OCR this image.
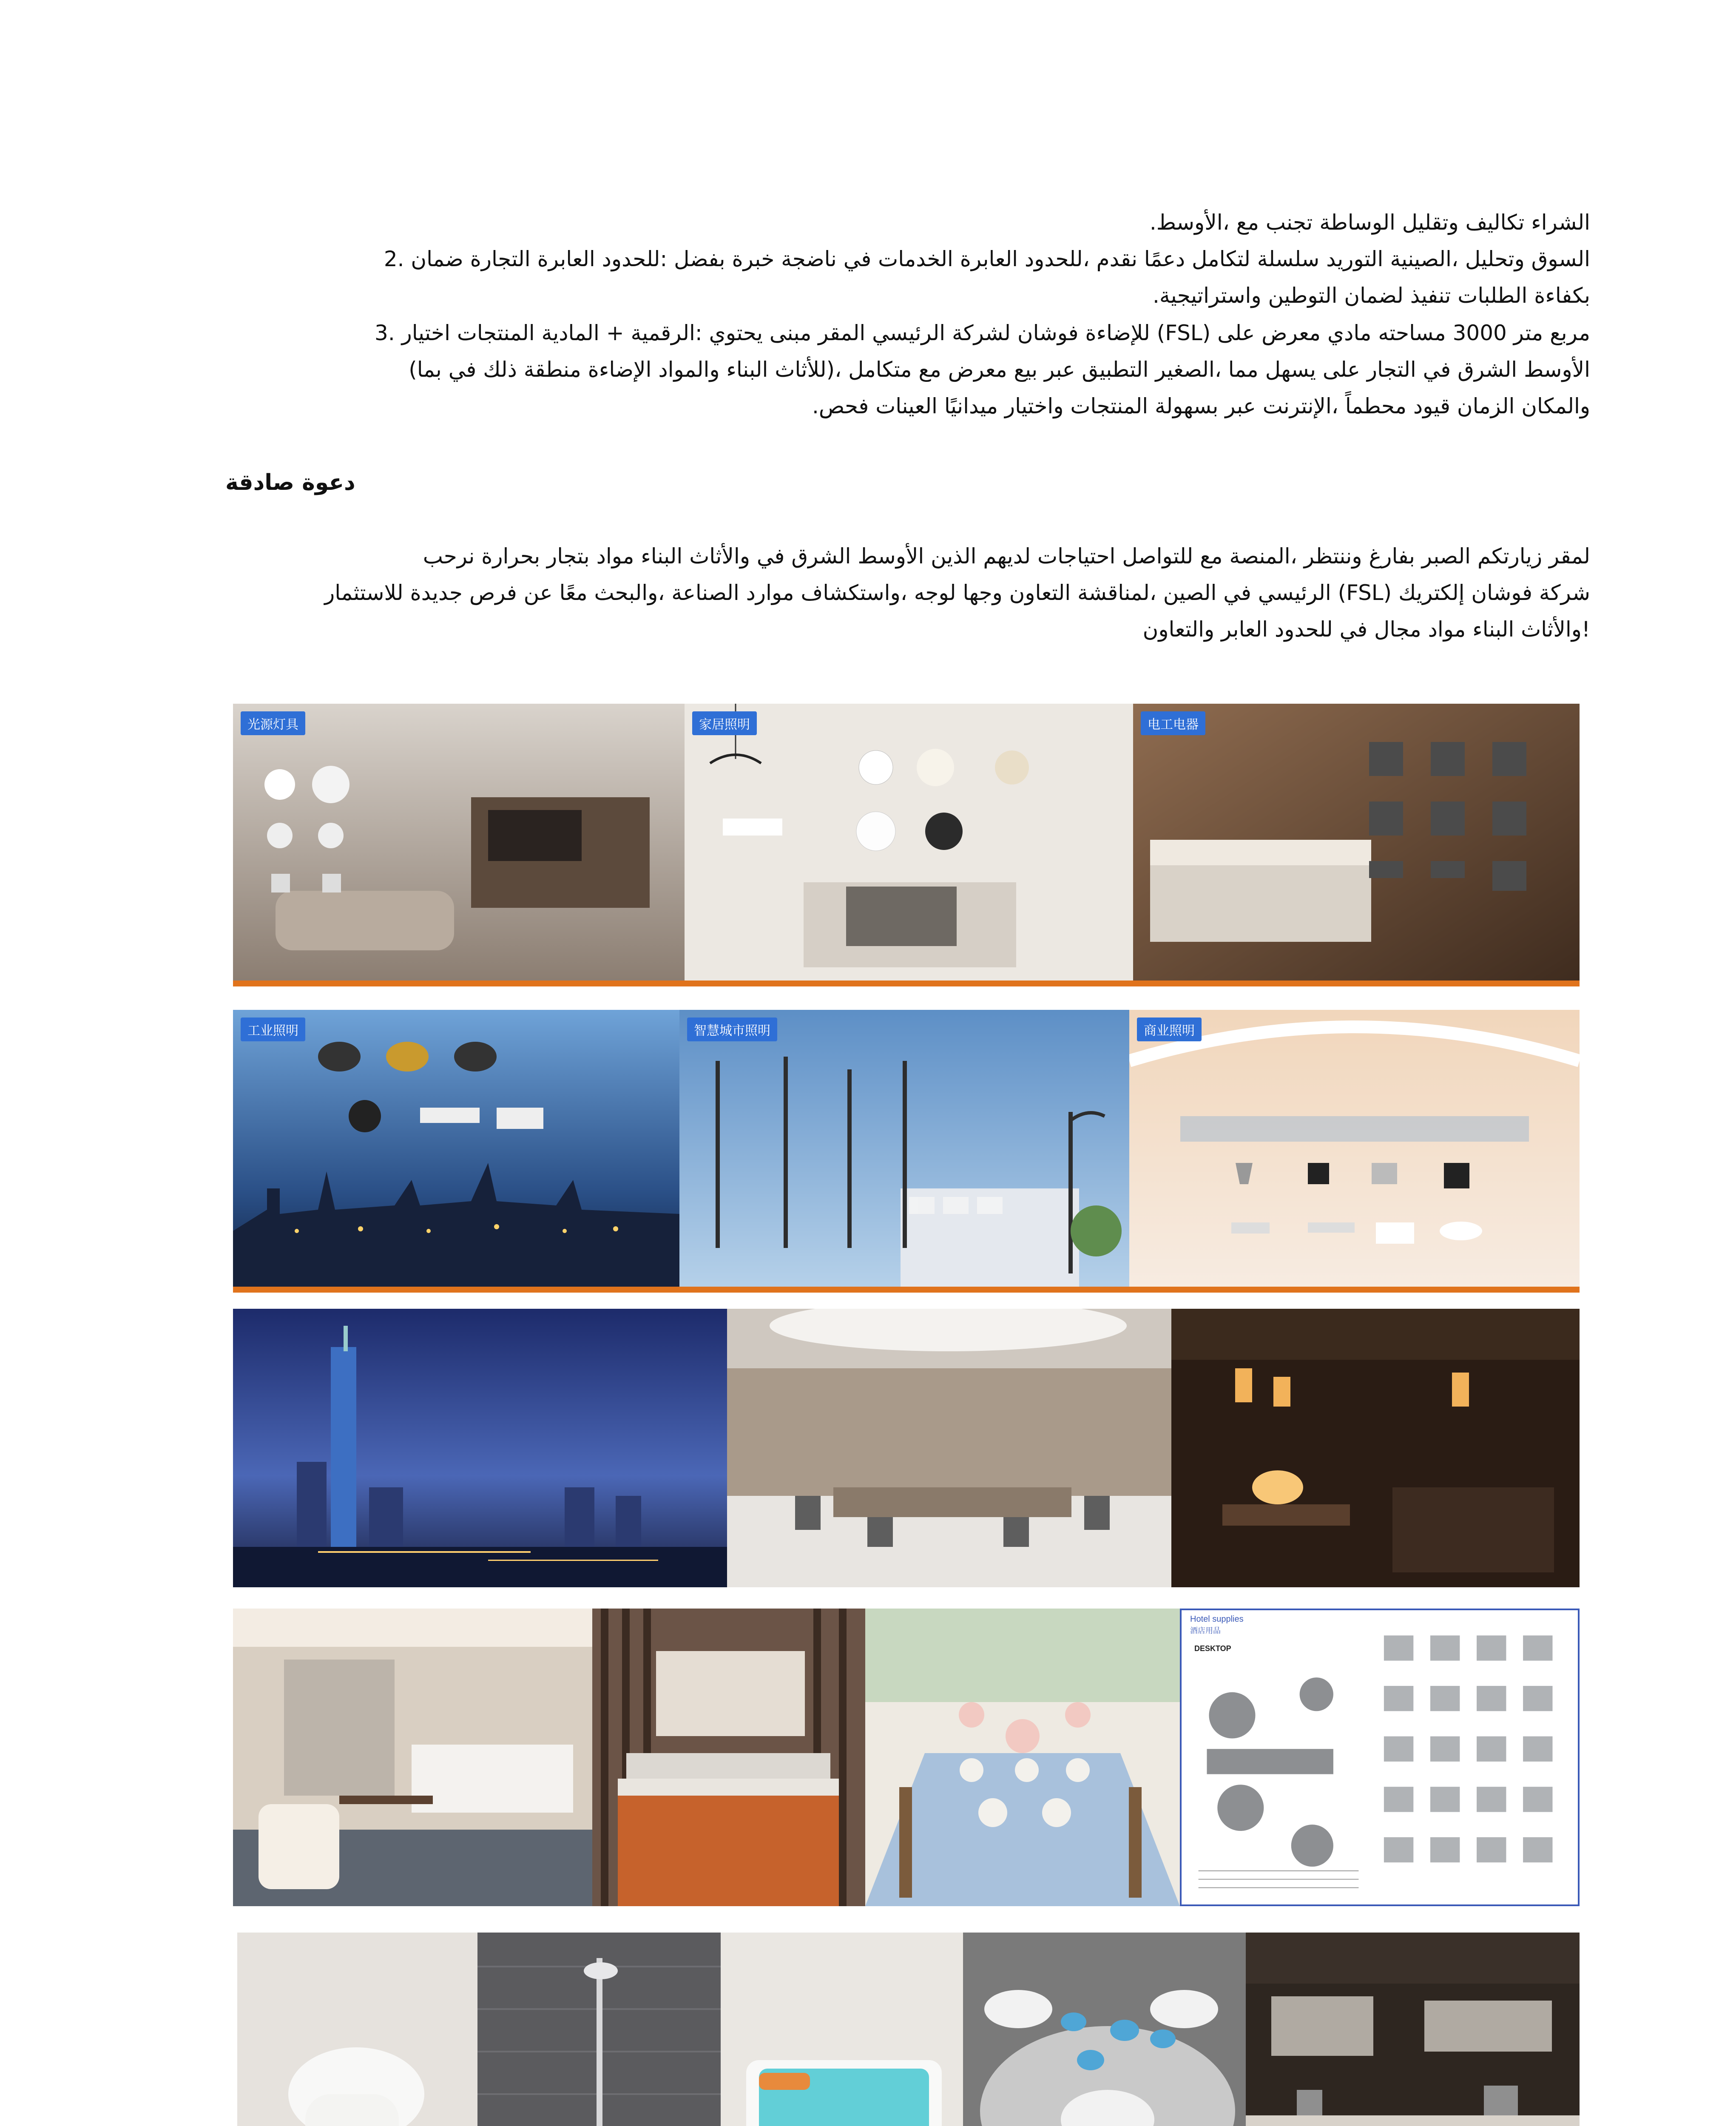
الشراء تكاليف وتقليل الوساطة تجنب مع ،الأوسط.
السوق وتحليل ،الصينية التوريد سلسلة لتكامل دعمًا نقدم ،للحدود العابرة الخدمات في ناضجة خبرة بفضل :للحدود العابرة التجارة ضمان .2
بكفاءة الطلبات تنفيذ لضمان التوطين واستراتيجية.
مربع متر 3000 مساحته مادي معرض على (FSL) للإضاءة فوشان لشركة الرئيسي المقر مبنى يحتوي :الرقمية + المادية المنتجات اختيار .3
الأوسط الشرق في التجار على يسهل مما ،الصغير التطبيق عبر بيع معرض مع متكامل ،(للأثاث البناء والمواد الإضاءة منطقة ذلك في بما)
والمكان الزمان قيود محطماً ،الإنترنت عبر بسهولة المنتجات واختيار ميدانيًا العينات فحص.
دعوة صادقة
لمقر زيارتكم الصبر بفارغ وننتظر ،المنصة مع للتواصل احتياجات لديهم الذين الأوسط الشرق في والأثاث البناء مواد بتجار بحرارة نرحب
شركة فوشان إلكتريك (FSL) الرئيسي في الصين ،لمناقشة التعاون وجها لوجه ،واستكشاف موارد الصناعة ،والبحث معًا عن فرص جديدة للاستثمار
!والأثاث البناء مواد مجال في للحدود العابر والتعاون
光源灯具	家居照明	电工电器
工业照明	智慧城市照明	商业照明
Hotel supplies
酒店用品
DESKTOP
